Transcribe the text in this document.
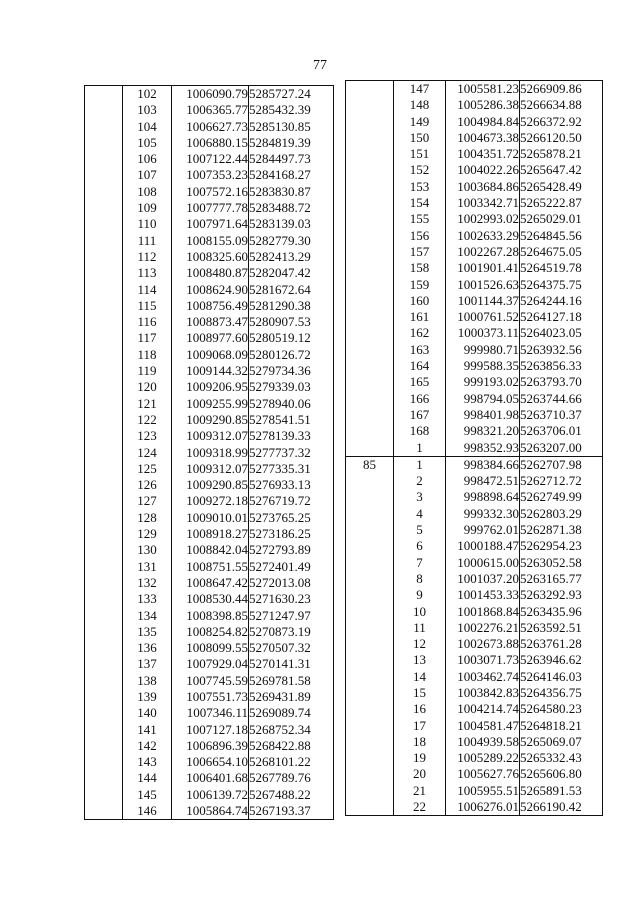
77
	102	1006090.79	5285727.24
	103	1006365.77	5285432.39
	104	1006627.73	5285130.85
	105	1006880.15	5284819.39
	106	1007122.44	5284497.73
	107	1007353.23	5284168.27
	108	1007572.16	5283830.87
	109	1007777.78	5283488.72
	110	1007971.64	5283139.03
	111	1008155.09	5282779.30
	112	1008325.60	5282413.29
	113	1008480.87	5282047.42
	114	1008624.90	5281672.64
	115	1008756.49	5281290.38
	116	1008873.47	5280907.53
	117	1008977.60	5280519.12
	118	1009068.09	5280126.72
	119	1009144.32	5279734.36
	120	1009206.95	5279339.03
	121	1009255.99	5278940.06
	122	1009290.85	5278541.51
	123	1009312.07	5278139.33
	124	1009318.99	5277737.32
	125	1009312.07	5277335.31
	126	1009290.85	5276933.13
	127	1009272.18	5276719.72
	128	1009010.01	5273765.25
	129	1008918.27	5273186.25
	130	1008842.04	5272793.89
	131	1008751.55	5272401.49
	132	1008647.42	5272013.08
	133	1008530.44	5271630.23
	134	1008398.85	5271247.97
	135	1008254.82	5270873.19
	136	1008099.55	5270507.32
	137	1007929.04	5270141.31
	138	1007745.59	5269781.58
	139	1007551.73	5269431.89
	140	1007346.11	5269089.74
	141	1007127.18	5268752.34
	142	1006896.39	5268422.88
	143	1006654.10	5268101.22
	144	1006401.68	5267789.76
	145	1006139.72	5267488.22
	146	1005864.74	5267193.37
	147	1005581.23	5266909.86
	148	1005286.38	5266634.88
	149	1004984.84	5266372.92
	150	1004673.38	5266120.50
	151	1004351.72	5265878.21
	152	1004022.26	5265647.42
	153	1003684.86	5265428.49
	154	1003342.71	5265222.87
	155	1002993.02	5265029.01
	156	1002633.29	5264845.56
	157	1002267.28	5264675.05
	158	1001901.41	5264519.78
	159	1001526.63	5264375.75
	160	1001144.37	5264244.16
	161	1000761.52	5264127.18
	162	1000373.11	5264023.05
	163	999980.71	5263932.56
	164	999588.35	5263856.33
	165	999193.02	5263793.70
	166	998794.05	5263744.66
	167	998401.98	5263710.37
	168	998321.20	5263706.01
	1	998352.93	5263207.00
85	1	998384.66	5262707.98
	2	998472.51	5262712.72
	3	998898.64	5262749.99
	4	999332.30	5262803.29
	5	999762.01	5262871.38
	6	1000188.47	5262954.23
	7	1000615.00	5263052.58
	8	1001037.20	5263165.77
	9	1001453.33	5263292.93
	10	1001868.84	5263435.96
	11	1002276.21	5263592.51
	12	1002673.88	5263761.28
	13	1003071.73	5263946.62
	14	1003462.74	5264146.03
	15	1003842.83	5264356.75
	16	1004214.74	5264580.23
	17	1004581.47	5264818.21
	18	1004939.58	5265069.07
	19	1005289.22	5265332.43
	20	1005627.76	5265606.80
	21	1005955.51	5265891.53
	22	1006276.01	5266190.42
